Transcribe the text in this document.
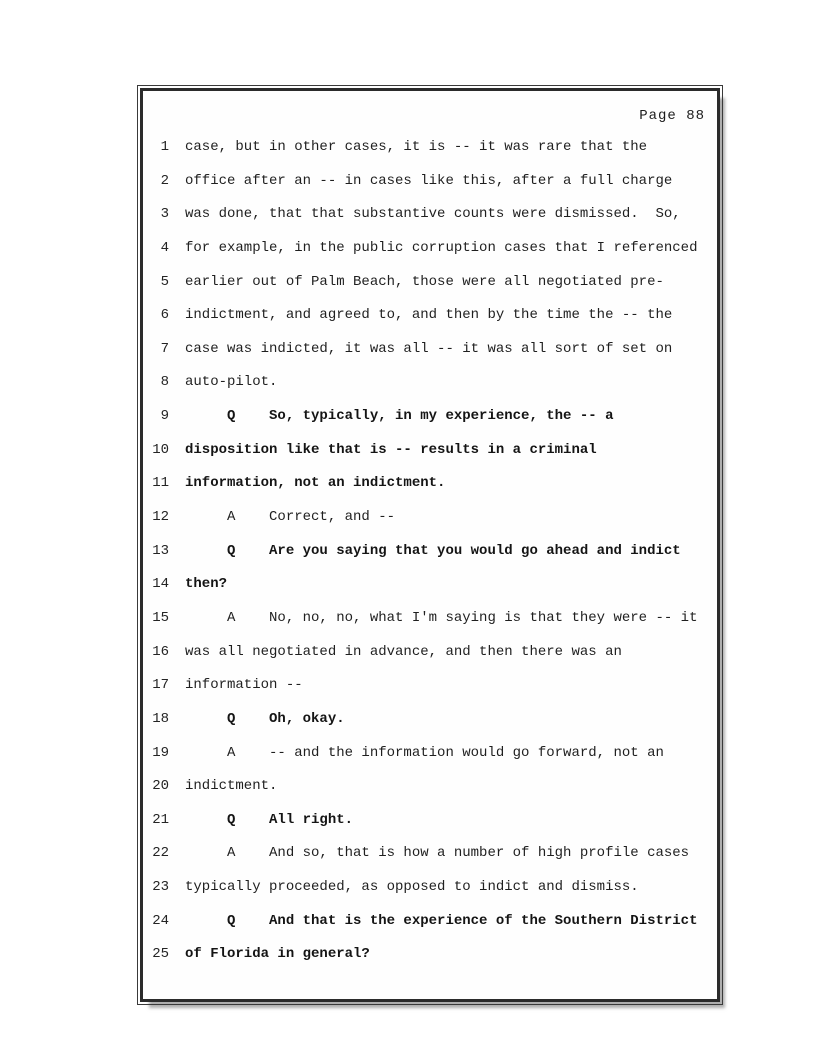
Page 88
1 case, but in other cases, it is -- it was rare that the
2 office after an -- in cases like this, after a full charge
3 was done, that that substantive counts were dismissed.  So,
4 for example, in the public corruption cases that I referenced
5 earlier out of Palm Beach, those were all negotiated pre-
6 indictment, and agreed to, and then by the time the -- the
7 case was indicted, it was all -- it was all sort of set on
8 auto-pilot.
9 Q    So, typically, in my experience, the -- a
10 disposition like that is -- results in a criminal
11 information, not an indictment.
12 A    Correct, and --
13 Q    Are you saying that you would go ahead and indict
14 then?
15 A    No, no, no, what I'm saying is that they were -- it
16 was all negotiated in advance, and then there was an
17 information --
18 Q    Oh, okay.
19 A    -- and the information would go forward, not an
20 indictment.
21 Q    All right.
22 A    And so, that is how a number of high profile cases
23 typically proceeded, as opposed to indict and dismiss.
24 Q    And that is the experience of the Southern District
25 of Florida in general?
